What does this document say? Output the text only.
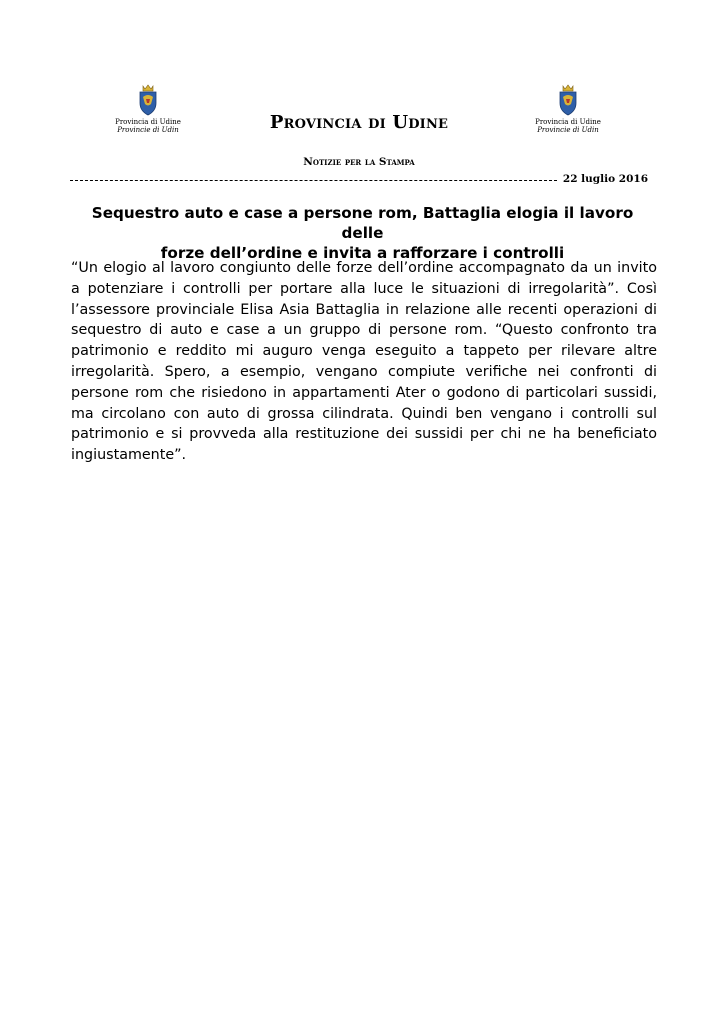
Provincia di Udine
Provincie di Udin	Provincia di Udine	Provincia di Udine
Provincie di Udin
Notizie per la Stampa
22 luglio 2016
Sequestro auto e case a persone rom, Battaglia elogia il lavoro delle
forze dell’ordine e invita a rafforzare i controlli
“Un elogio al lavoro congiunto delle forze dell’ordine accompagnato da un invito a potenziare i controlli per portare alla luce le situazioni di irregolarità”. Così l’assessore provinciale Elisa Asia Battaglia in relazione alle recenti operazioni di sequestro di auto e case a un gruppo di persone rom. “Questo confronto tra patrimonio e reddito mi auguro venga eseguito a tappeto per rilevare altre irregolarità. Spero, a esempio, vengano compiute verifiche nei confronti di persone rom che risiedono in appartamenti Ater o godono di particolari sussidi, ma circolano con auto di grossa cilindrata. Quindi ben vengano i controlli sul patrimonio e si provveda alla restituzione dei sussidi per chi ne ha beneficiato ingiustamente”.
